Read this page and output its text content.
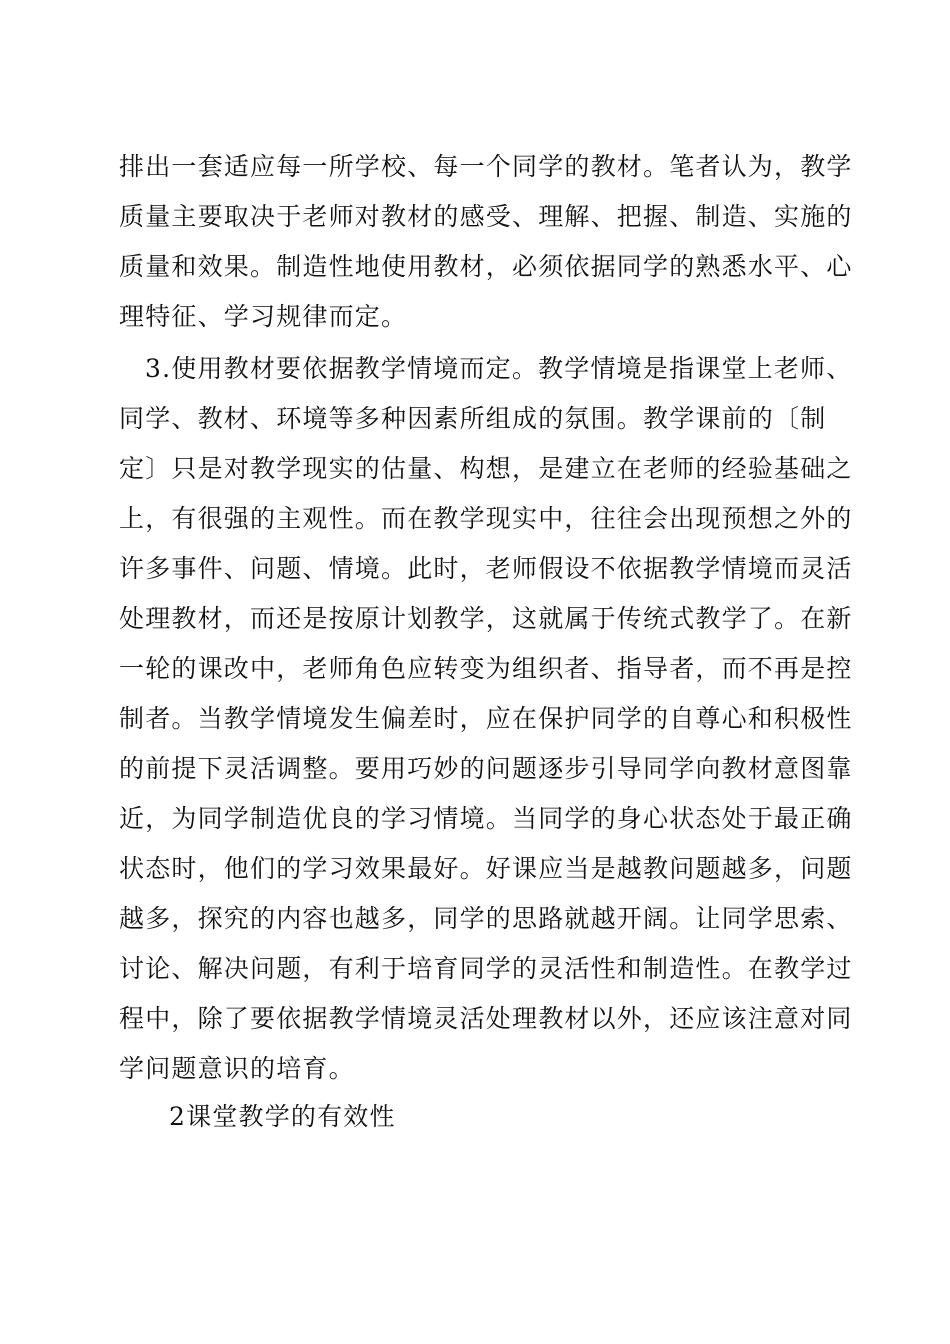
排出一套适应每一所学校、每一个同学的教材。笔者认为，教学
质量主要取决于老师对教材的感受、理解、把握、制造、实施的
质量和效果。制造性地使用教材，必须依据同学的熟悉水平、心
理特征、学习规律而定。
3.使用教材要依据教学情境而定。教学情境是指课堂上老师、
同学、教材、环境等多种因素所组成的氛围。教学课前的〔制
定〕只是对教学现实的估量、构想，是建立在老师的经验基础之
上，有很强的主观性。而在教学现实中，往往会出现预想之外的
许多事件、问题、情境。此时，老师假设不依据教学情境而灵活
处理教材，而还是按原计划教学，这就属于传统式教学了。在新
一轮的课改中，老师角色应转变为组织者、指导者，而不再是控
制者。当教学情境发生偏差时，应在保护同学的自尊心和积极性
的前提下灵活调整。要用巧妙的问题逐步引导同学向教材意图靠
近，为同学制造优良的学习情境。当同学的身心状态处于最正确
状态时，他们的学习效果最好。好课应当是越教问题越多，问题
越多，探究的内容也越多，同学的思路就越开阔。让同学思索、
讨论、解决问题，有利于培育同学的灵活性和制造性。在教学过
程中，除了要依据教学情境灵活处理教材以外，还应该注意对同
学问题意识的培育。
2课堂教学的有效性
